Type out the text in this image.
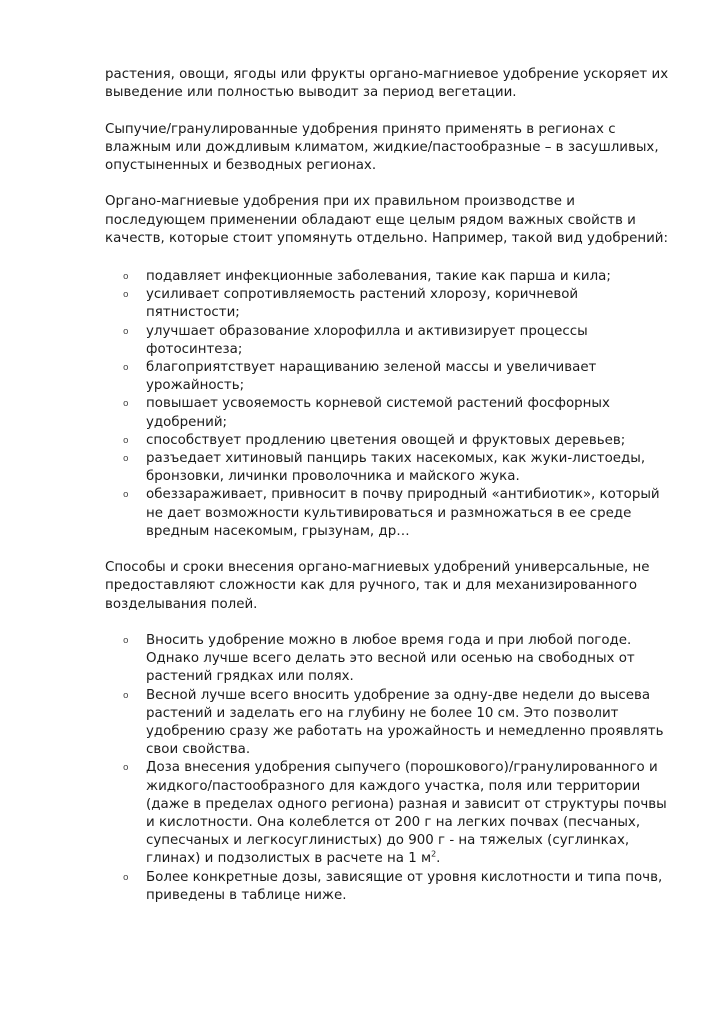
растения, овощи, ягоды или фрукты органо-магниевое удобрение ускоряет их выведение или полностью выводит за период вегетации.

Сыпучие/гранулированные удобрения принято применять в регионах с влажным или дождливым климатом, жидкие/пастообразные – в засушливых, опустыненных и безводных регионах.

Органо-магниевые удобрения при их правильном производстве и последующем применении обладают еще целым рядом важных свойств и качеств, которые стоит упомянуть отдельно. Например, такой вид удобрений:

o подавляет инфекционные заболевания, такие как парша и кила;
o усиливает сопротивляемость растений хлорозу, коричневой пятнистости;
o улучшает образование хлорофилла и активизирует процессы фотосинтеза;
o благоприятствует наращиванию зеленой массы и увеличивает урожайность;
o повышает усвояемость корневой системой растений фосфорных удобрений;
o способствует продлению цветения овощей и фруктовых деревьев;
o разъедает хитиновый панцирь таких насекомых, как жуки-листоеды, бронзовки, личинки проволочника и майского жука.
o обеззараживает, привносит в почву природный «антибиотик», который не дает возможности культивироваться и размножаться в ее среде вредным насекомым, грызунам, др…

Способы и сроки внесения органо-магниевых удобрений универсальные, не предоставляют сложности как для ручного, так и для механизированного возделывания полей.

o Вносить удобрение можно в любое время года и при любой погоде. Однако лучше всего делать это весной или осенью на свободных от растений грядках или полях.
o Весной лучше всего вносить удобрение за одну-две недели до высева растений и заделать его на глубину не более 10 см. Это позволит удобрению сразу же работать на урожайность и немедленно проявлять свои свойства.
o Доза внесения удобрения сыпучего (порошкового)/гранулированного и жидкого/пастообразного для каждого участка, поля или территории (даже в пределах одного региона) разная и зависит от структуры почвы и кислотности. Она колеблется от 200 г на легких почвах (песчаных, супесчаных и легкосуглинистых) до 900 г - на тяжелых (суглинках, глинах) и подзолистых в расчете на 1 $м^2$.
o Более конкретные дозы, зависящие от уровня кислотности и типа почв, приведены в таблице ниже.
